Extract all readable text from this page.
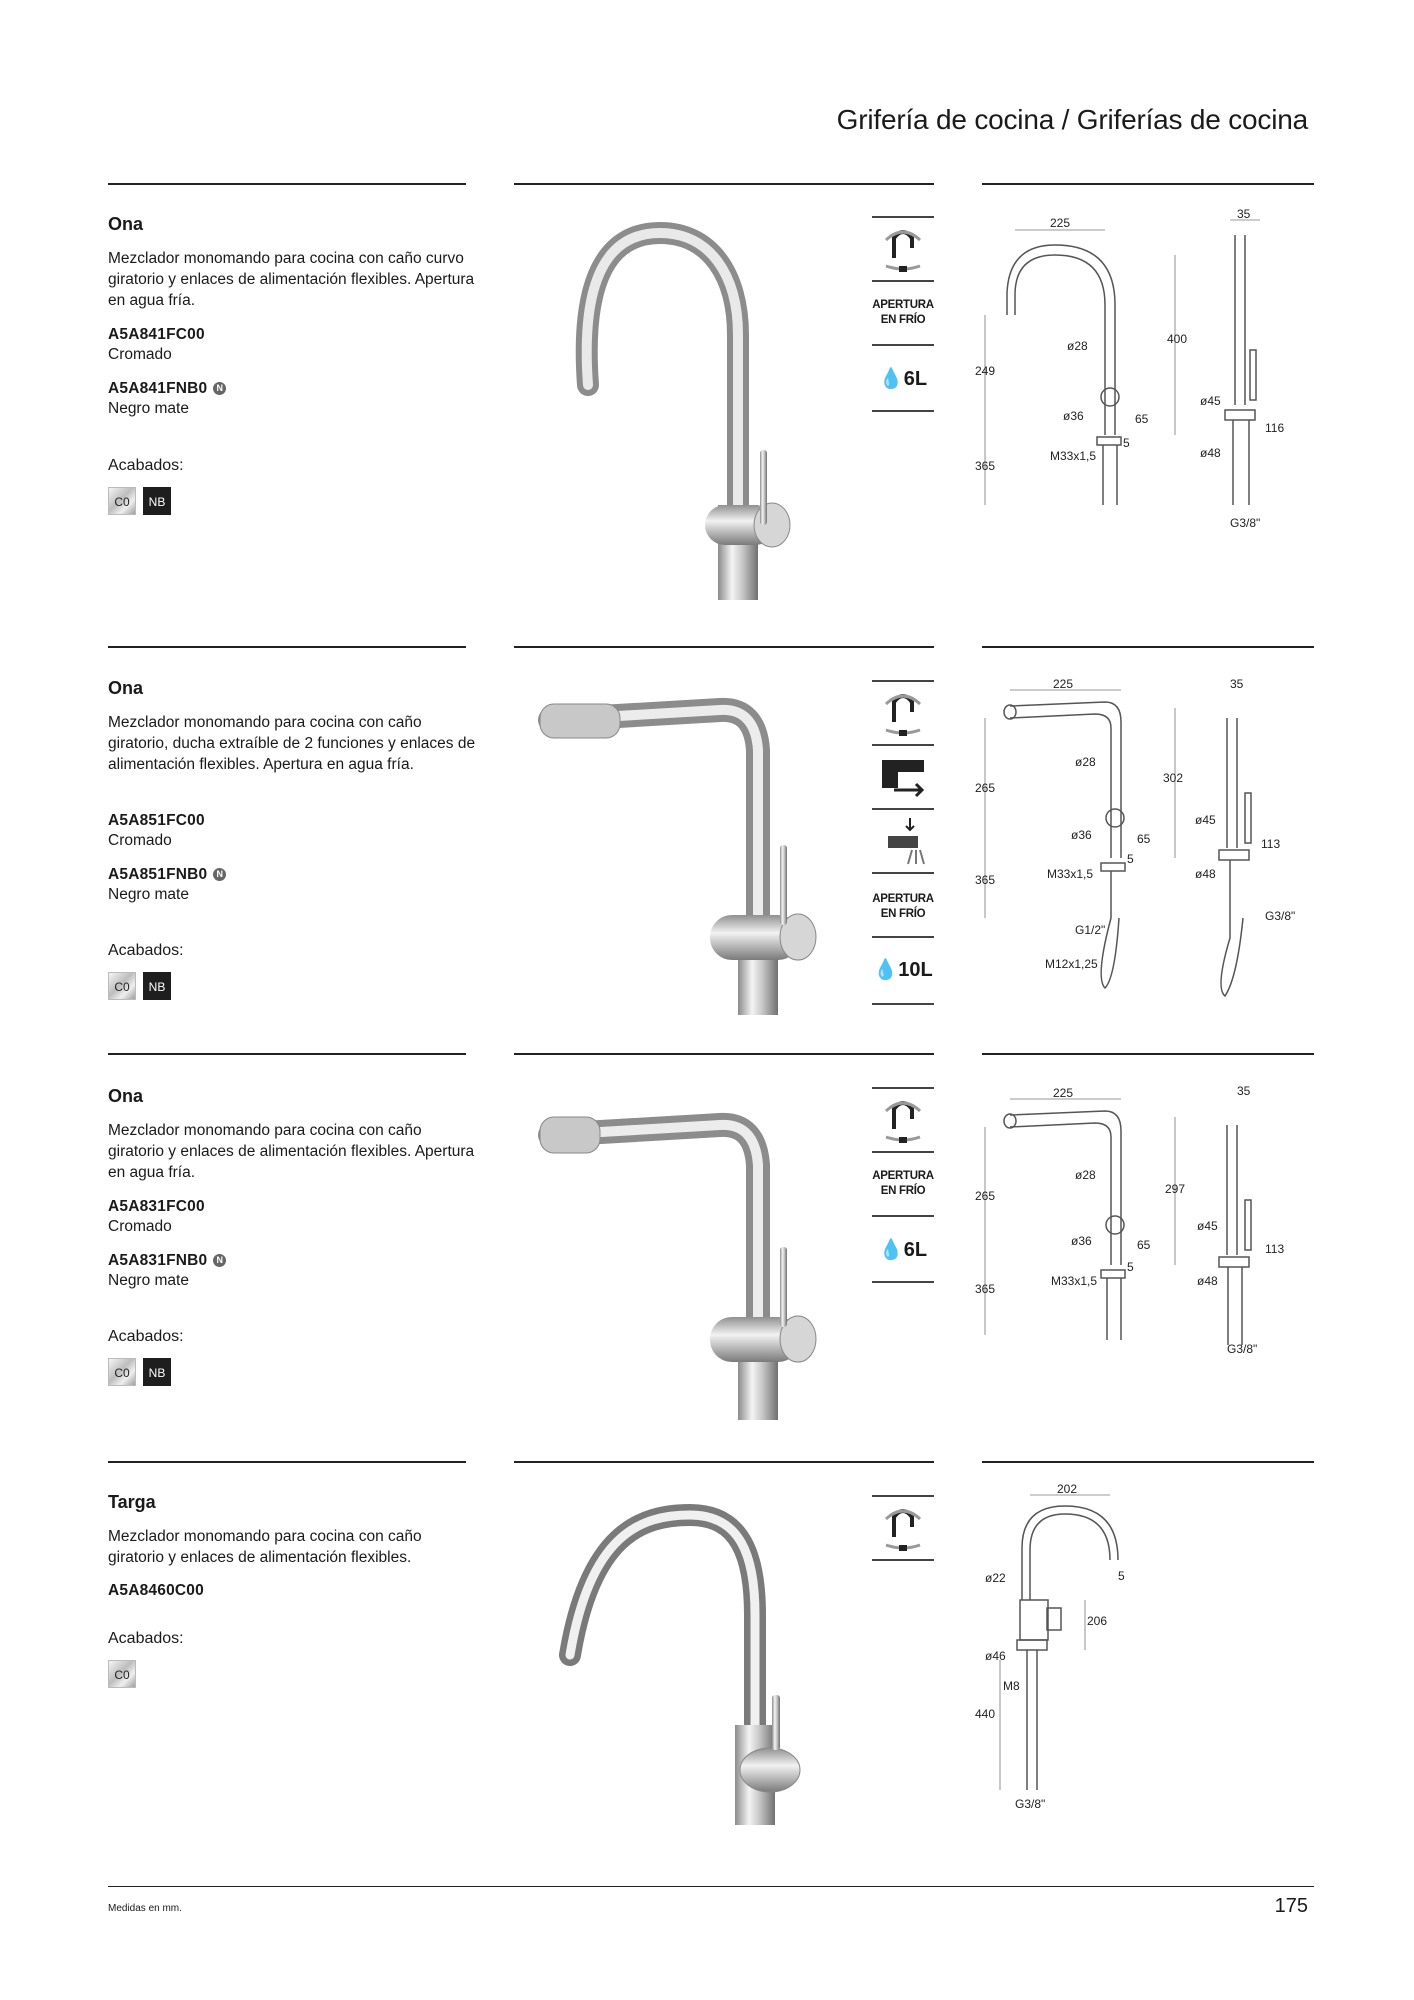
Grifería de cocina / Griferías de cocina
Ona
Mezclador monomando para cocina con caño curvo giratorio y enlaces de alimentación flexibles. Apertura en agua fría.
A5A841FC00
Cromado
A5A841FNB0 N
Negro mate
Acabados:
C0	NB
APERTURA EN FRÍO
💧6L
225
400
249
ø28
ø36	65
5
M33x1,5
365
35
ø45
116
ø48
G3/8"
Ona
Mezclador monomando para cocina con caño giratorio, ducha extraíble de 2 funciones y enlaces de alimentación flexibles. Apertura en agua fría.
A5A851FC00
Cromado
A5A851FNB0 N
Negro mate
Acabados:
C0	NB
APERTURA EN FRÍO
💧10L
225
302
265
ø28
ø36	65
5
M33x1,5
365
G1/2"
M12x1,25
35
ø45
113
ø48
G3/8"
Ona
Mezclador monomando para cocina con caño giratorio y enlaces de alimentación flexibles. Apertura en agua fría.
A5A831FC00
Cromado
A5A831FNB0 N
Negro mate
Acabados:
C0	NB
APERTURA EN FRÍO
💧6L
225
297
265
ø28
ø36	65
5
M33x1,5
365
35
ø45
113
ø48
G3/8"
Targa
Mezclador monomando para cocina con caño giratorio y enlaces de alimentación flexibles.
A5A8460C00
Acabados:
C0
202
5
ø22
206
ø46
M8
440
G3/8"
Medidas en mm.	175
